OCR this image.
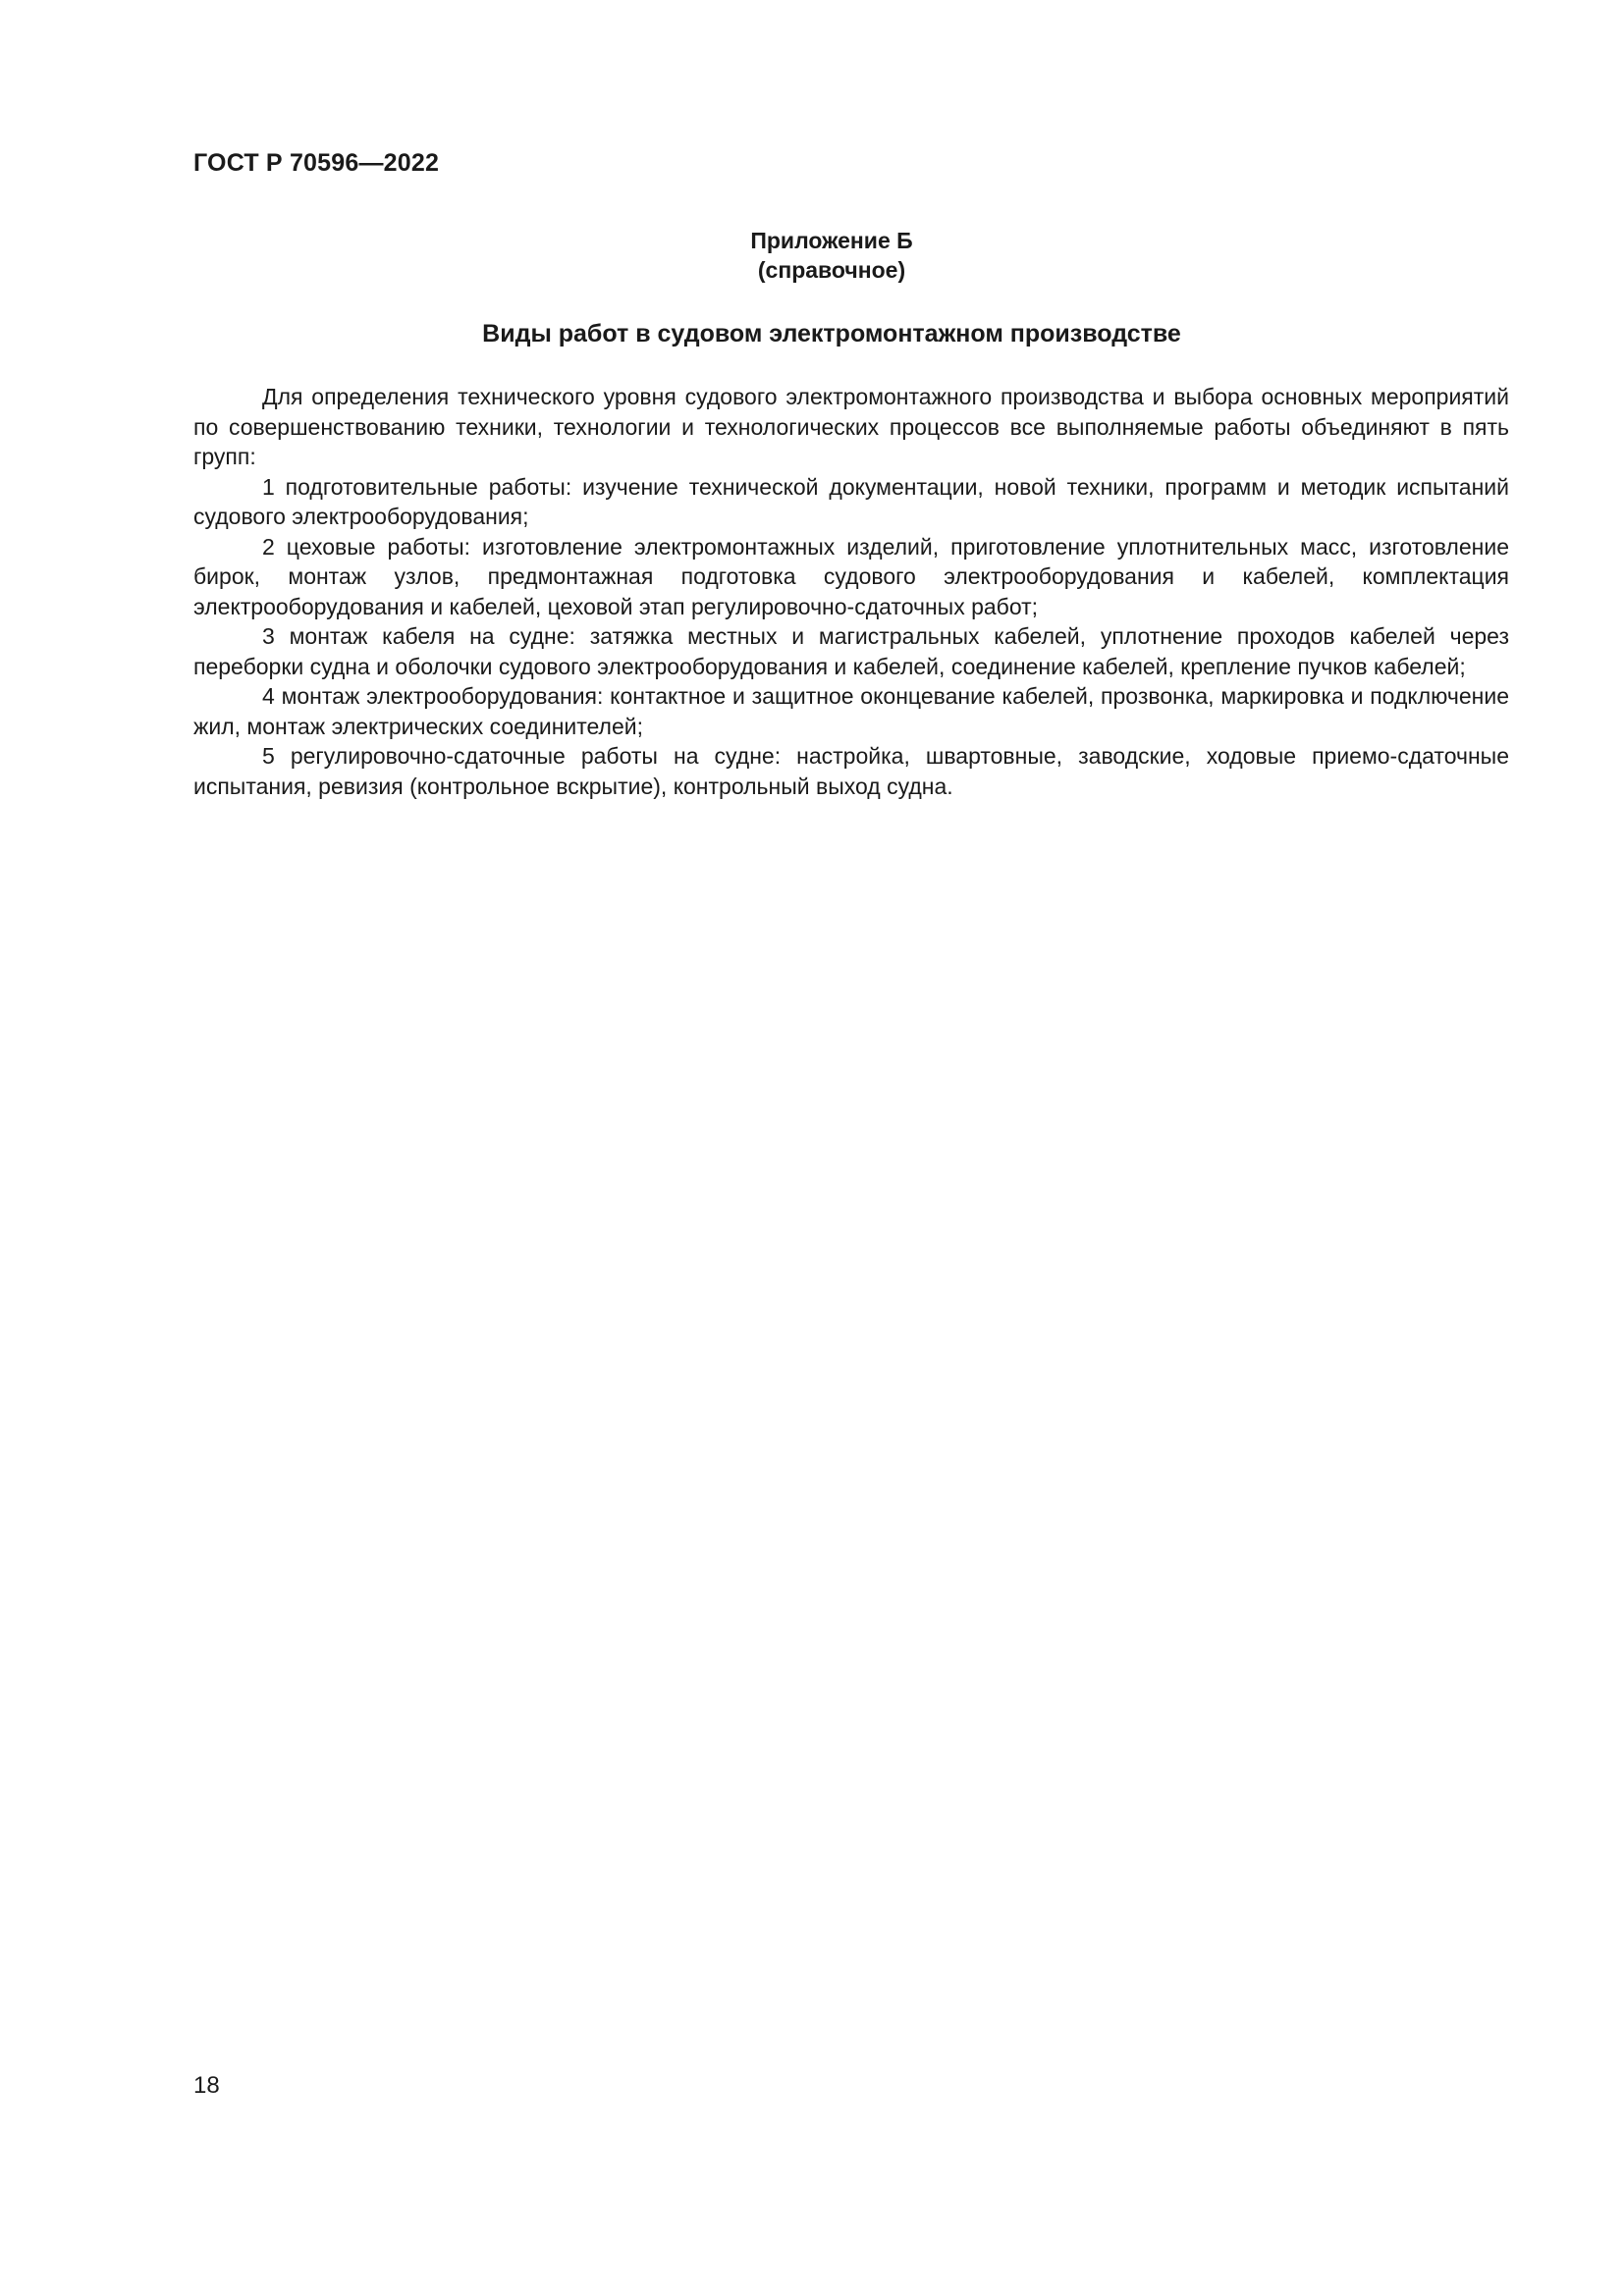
ГОСТ Р 70596—2022
Приложение Б
(справочное)
Виды работ в судовом электромонтажном производстве

Для определения технического уровня судового электромонтажного производства и выбора основных мероприятий по совершенствованию техники, технологии и технологических процессов все выполняемые работы объединяют в пять групп:

1 подготовительные работы: изучение технической документации, новой техники, программ и методик испытаний судового электрооборудования;

2 цеховые работы: изготовление электромонтажных изделий, приготовление уплотнительных масс, изготовление бирок, монтаж узлов, предмонтажная подготовка судового электрооборудования и кабелей, комплектация электрооборудования и кабелей, цеховой этап регулировочно-сдаточных работ;

3 монтаж кабеля на судне: затяжка местных и магистральных кабелей, уплотнение проходов кабелей через переборки судна и оболочки судового электрооборудования и кабелей, соединение кабелей, крепление пучков кабелей;

4 монтаж электрооборудования: контактное и защитное оконцевание кабелей, прозвонка, маркировка и подключение жил, монтаж электрических соединителей;

5 регулировочно-сдаточные работы на судне: настройка, швартовные, заводские, ходовые приемо-сдаточные испытания, ревизия (контрольное вскрытие), контрольный выход судна.

18
